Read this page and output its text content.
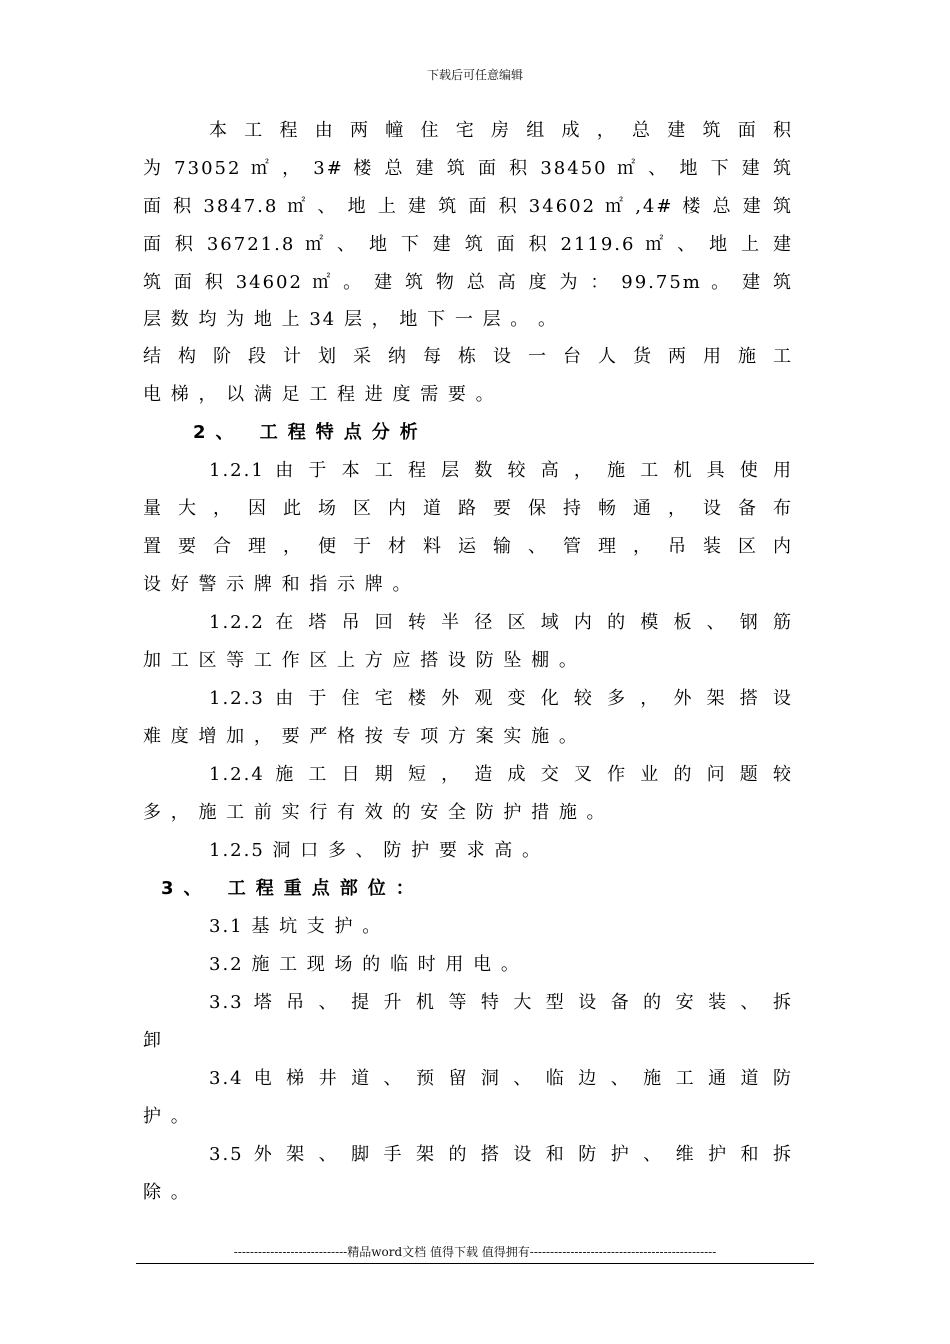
下载后可任意编辑
本 工 程 由 两 幢 住 宅 房 组 成 ， 总 建 筑 面 积
为 73052 ㎡ ， 3# 楼 总 建 筑 面 积 38450 ㎡ 、 地 下 建 筑
面 积 3847.8 ㎡ 、 地 上 建 筑 面 积 34602 ㎡ ,4# 楼 总 建 筑
面 积 36721.8 ㎡ 、 地 下 建 筑 面 积 2119.6 ㎡ 、 地 上 建
筑 面 积 34602 ㎡ 。 建 筑 物 总 高 度 为 ： 99.75m 。 建 筑
层 数 均 为 地 上 34 层 ， 地 下 一 层 。 。
结 构 阶 段 计 划 采 纳 每 栋 设 一 台 人 货 两 用 施 工
电 梯 ， 以 满 足 工 程 进 度 需 要 。
2、 工程特点分析
1.2.1 由 于 本 工 程 层 数 较 高 ， 施 工 机 具 使 用
量 大 ， 因 此 场 区 内 道 路 要 保 持 畅 通 ， 设 备 布
置 要 合 理 ， 便 于 材 料 运 输 、 管 理 ， 吊 装 区 内
设 好 警 示 牌 和 指 示 牌 。
1.2.2 在 塔 吊 回 转 半 径 区 域 内 的 模 板 、 钢 筋
加 工 区 等 工 作 区 上 方 应 搭 设 防 坠 棚 。
1.2.3 由 于 住 宅 楼 外 观 变 化 较 多 ， 外 架 搭 设
难 度 增 加 ， 要 严 格 按 专 项 方 案 实 施 。
1.2.4 施 工 日 期 短 ， 造 成 交 叉 作 业 的 问 题 较
多 ， 施 工 前 实 行 有 效 的 安 全 防 护 措 施 。
1.2.5 洞 口 多 、 防 护 要 求 高 。
3、 工程重点部位：
3.1 基 坑 支 护 。
3.2 施 工 现 场 的 临 时 用 电 。
3.3 塔 吊 、 提 升 机 等 特 大 型 设 备 的 安 装 、 拆
卸
3.4 电 梯 井 道 、 预 留 洞 、 临 边 、 施 工 通 道 防
护 。
3.5 外 架 、 脚 手 架 的 搭 设 和 防 护 、 维 护 和 拆
除 。
----------------------------精品word文档 值得下载 值得拥有----------------------------------------------
